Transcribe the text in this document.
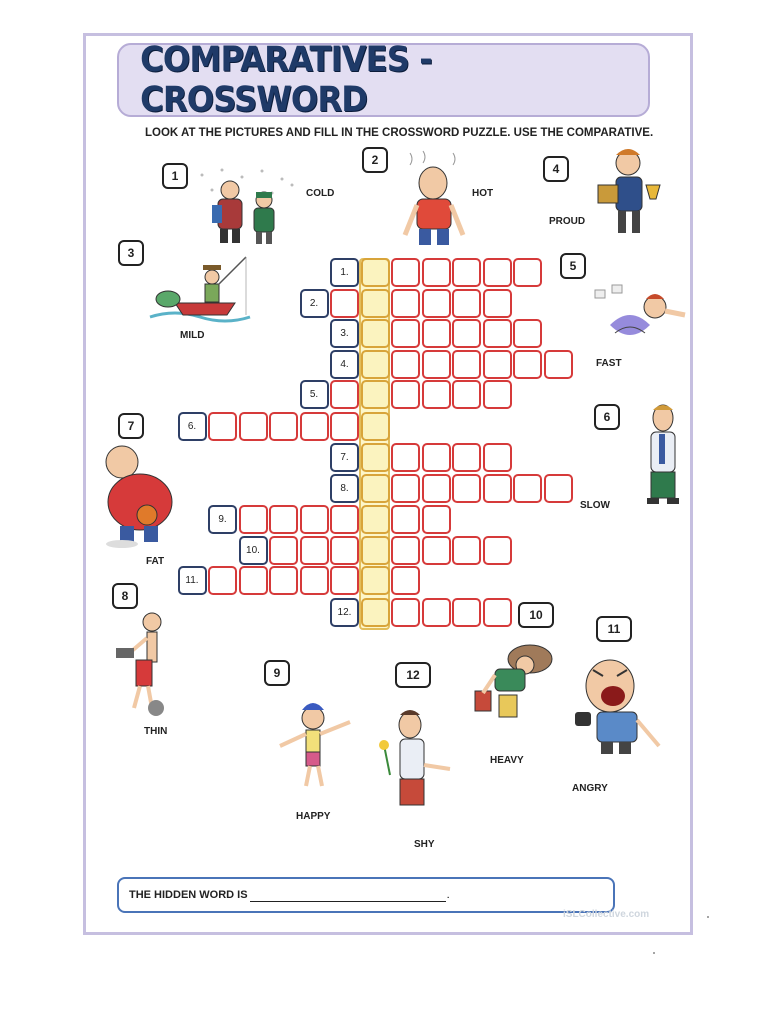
COMPARATIVES - CROSSWORD
LOOK AT THE PICTURES AND FILL IN THE CROSSWORD PUZZLE. USE THE COMPARATIVE.
1
2
3
4
5
6
7
8
9
10
11
12
COLD	HOT
MILD
PROUD
FAST
SLOW
FAT
THIN
HAPPY
HEAVY
ANGRY
SHY
1.
2.
3.
4.
5.
6.
7.
8.
9.
10.
11.
12.
THE HIDDEN WORD IS	.
iSLCollective.com
